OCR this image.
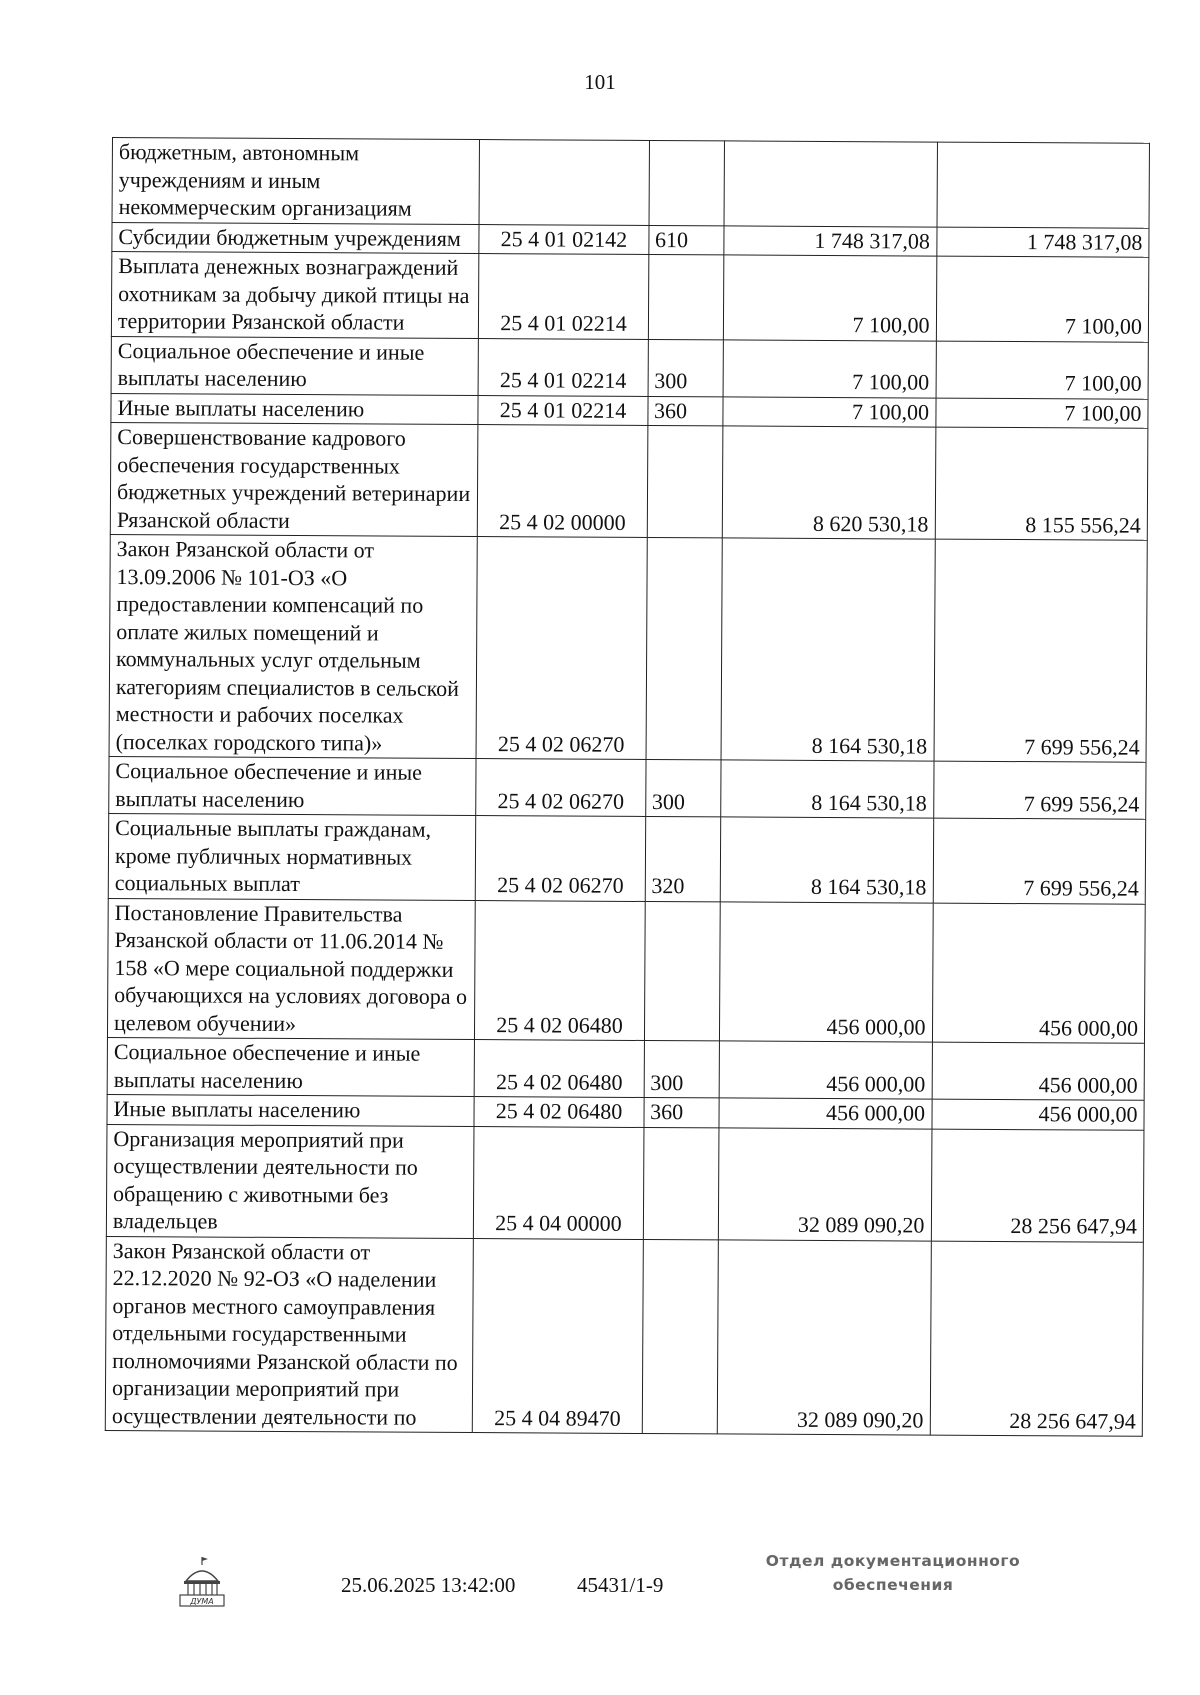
101
бюджетным, автономным учреждениям и иным некоммерческим организациям				
Субсидии бюджетным учреждениям	25 4 01 02142	610	1 748 317,08	1 748 317,08
Выплата денежных вознаграждений охотникам за добычу дикой птицы на территории Рязанской области	25 4 01 02214		7 100,00	7 100,00
Социальное обеспечение и иные выплаты населению	25 4 01 02214	300	7 100,00	7 100,00
Иные выплаты населению	25 4 01 02214	360	7 100,00	7 100,00
Совершенствование кадрового обеспечения государственных бюджетных учреждений ветеринарии Рязанской области	25 4 02 00000		8 620 530,18	8 155 556,24
Закон Рязанской области от 13.09.2006 № 101-ОЗ «О предоставлении компенсаций по оплате жилых помещений и коммунальных услуг отдельным категориям специалистов в сельской местности и рабочих поселках (поселках городского типа)»	25 4 02 06270		8 164 530,18	7 699 556,24
Социальное обеспечение и иные выплаты населению	25 4 02 06270	300	8 164 530,18	7 699 556,24
Социальные выплаты гражданам, кроме публичных нормативных социальных выплат	25 4 02 06270	320	8 164 530,18	7 699 556,24
Постановление Правительства Рязанской области от 11.06.2014 № 158 «О мере социальной поддержки обучающихся на условиях договора о целевом обучении»	25 4 02 06480		456 000,00	456 000,00
Социальное обеспечение и иные выплаты населению	25 4 02 06480	300	456 000,00	456 000,00
Иные выплаты населению	25 4 02 06480	360	456 000,00	456 000,00
Организация мероприятий при осуществлении деятельности по обращению с животными без владельцев	25 4 04 00000		32 089 090,20	28 256 647,94
Закон Рязанской области от 22.12.2020 № 92-ОЗ «О наделении органов местного самоуправления отдельными государственными полномочиями Рязанской области по организации мероприятий при осуществлении деятельности по	25 4 04 89470		32 089 090,20	28 256 647,94
ДУМА
25.06.2025 13:42:00	45431/1-9
Отдел документационного
обеспечения
